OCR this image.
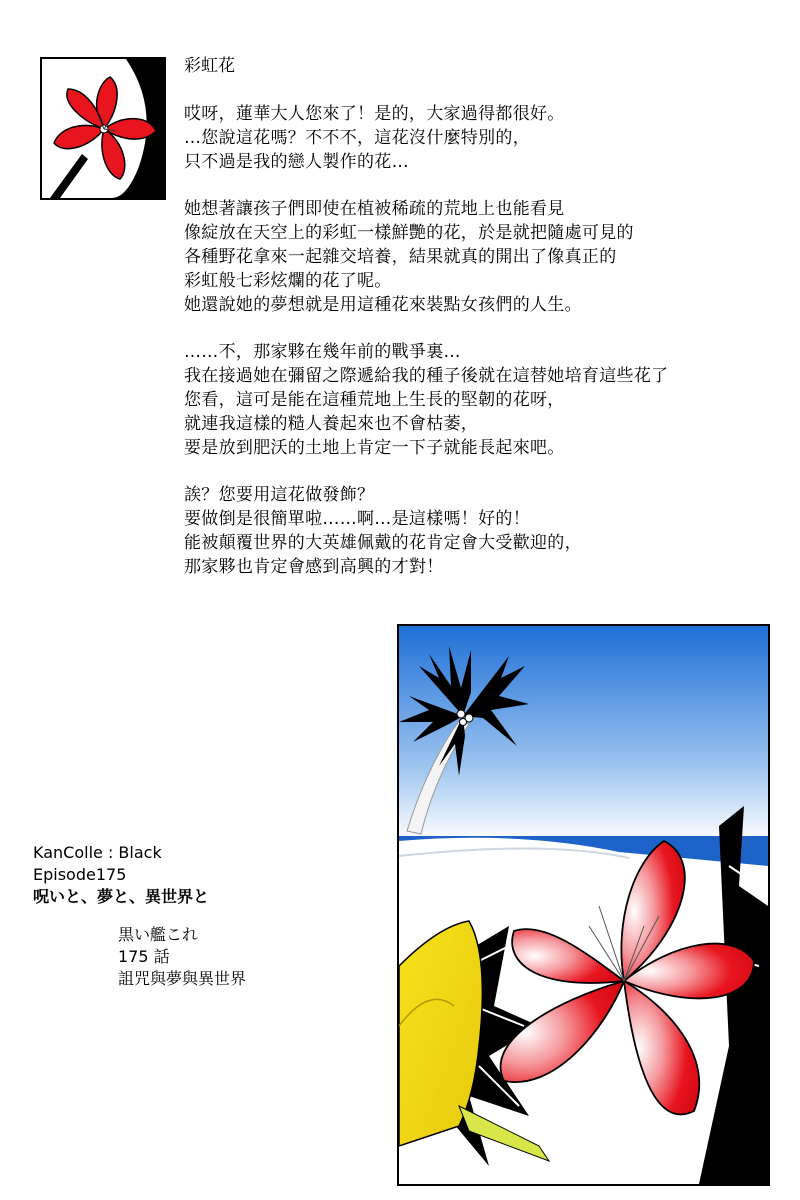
彩虹花
哎呀，蓮華大人您來了！是的，大家過得都很好。
…您說這花嗎？不不不，這花沒什麼特別的，
只不過是我的戀人製作的花…
她想著讓孩子們即使在植被稀疏的荒地上也能看見
像綻放在天空上的彩虹一樣鮮艷的花，於是就把隨處可見的
各種野花拿來一起雜交培養，結果就真的開出了像真正的
彩虹般七彩炫爛的花了呢。
她還說她的夢想就是用這種花來裝點女孩們的人生。
……不，那家夥在幾年前的戰爭裏…
我在接過她在彌留之際遞給我的種子後就在這替她培育這些花了
您看，這可是能在這種荒地上生長的堅韌的花呀，
就連我這樣的糙人養起來也不會枯萎，
要是放到肥沃的土地上肯定一下子就能長起來吧。
誒？您要用這花做發飾？
要做倒是很簡單啦……啊…是這樣嗎！好的！
能被顛覆世界的大英雄佩戴的花肯定會大受歡迎的，
那家夥也肯定會感到高興的才對！
KanColle : Black
Episode175
呪いと、夢と、異世界と
黒い艦これ
175 話
詛咒與夢與異世界
